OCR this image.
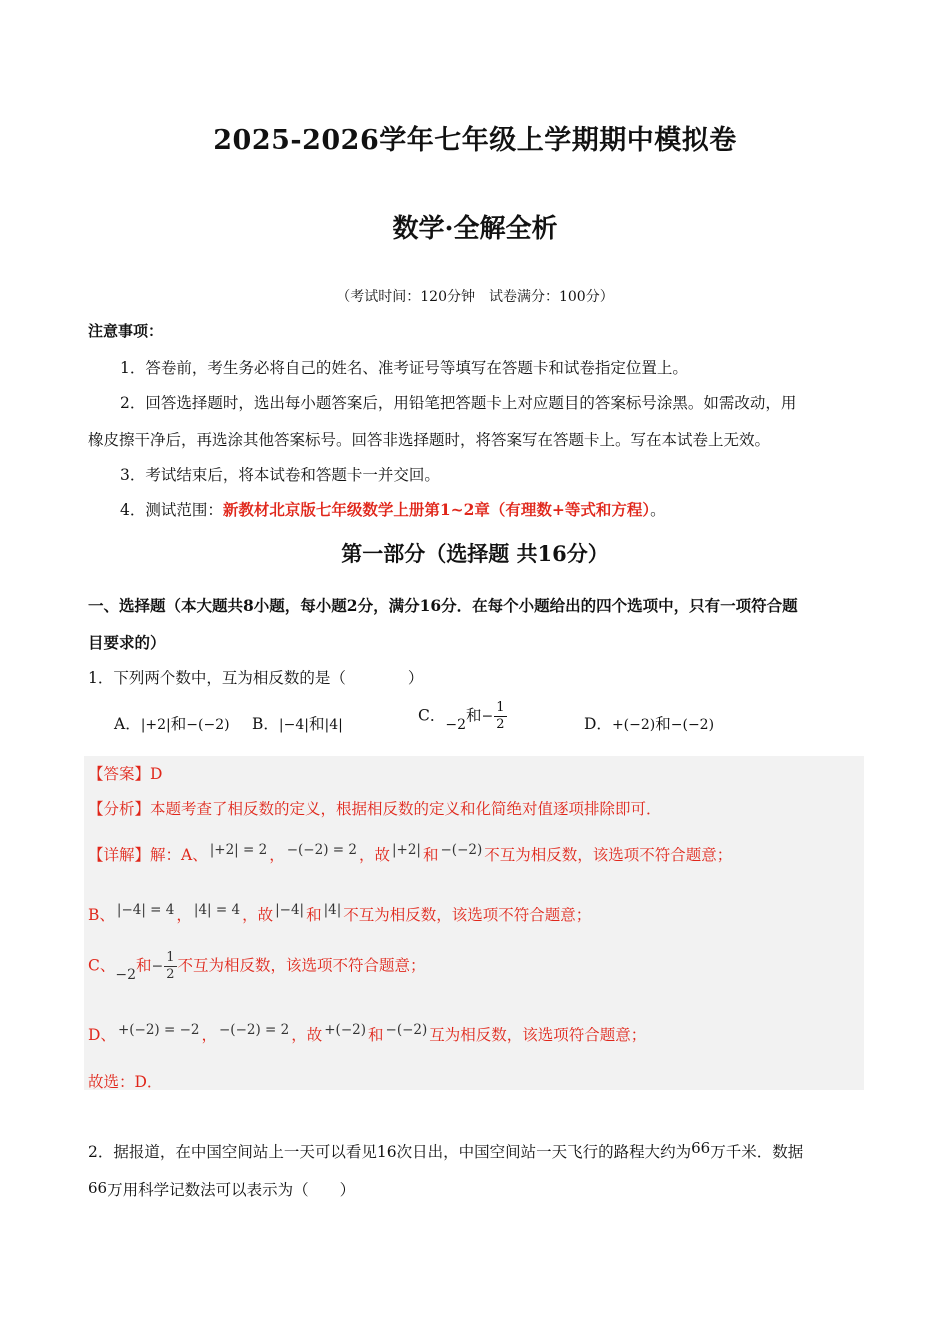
2025-2026学年七年级上学期期中模拟卷
数学·全解全析
（考试时间：120分钟　试卷满分：100分）
注意事项：
1．答卷前，考生务必将自己的姓名、准考证号等填写在答题卡和试卷指定位置上。
2．回答选择题时，选出每小题答案后，用铅笔把答题卡上对应题目的答案标号涂黑。如需改动，用
橡皮擦干净后，再选涂其他答案标号。回答非选择题时，将答案写在答题卡上。写在本试卷上无效。
3．考试结束后，将本试卷和答题卡一并交回。
4．测试范围：新教材北京版七年级数学上册第1~2章（有理数+等式和方程）。
第一部分（选择题 共16分）
一、选择题（本大题共8小题，每小题2分，满分16分．在每个小题给出的四个选项中，只有一项符合题
目要求的）
1．下列两个数中，互为相反数的是（　　　　）
A．|+2|和−(−2) B．|−4|和|4|
C．−2和− $\frac{1}{2}$	D．+(−2)和−(−2)
【答案】D
【分析】本题考查了相反数的定义，根据相反数的定义和化简绝对值逐项排除即可．
【详解】解：A、 |+2| = 2 ， −(−2) = 2 ，故 |+2| 和 −(−2) 不互为相反数，该选项不符合题意；
B、 |−4| = 4 ， |4| = 4 ，故 |−4| 和 |4| 不互为相反数，该选项不符合题意；
C、−2和− $\frac{1}{2}$ 不互为相反数，该选项不符合题意；
D、 +(−2) = −2 ， −(−2) = 2 ，故 +(−2) 和 −(−2) 互为相反数，该选项符合题意；
故选：D．
2．据报道，在中国空间站上一天可以看见16次日出，中国空间站一天飞行的路程大约为66万千米．数据
66万用科学记数法可以表示为（　　）
